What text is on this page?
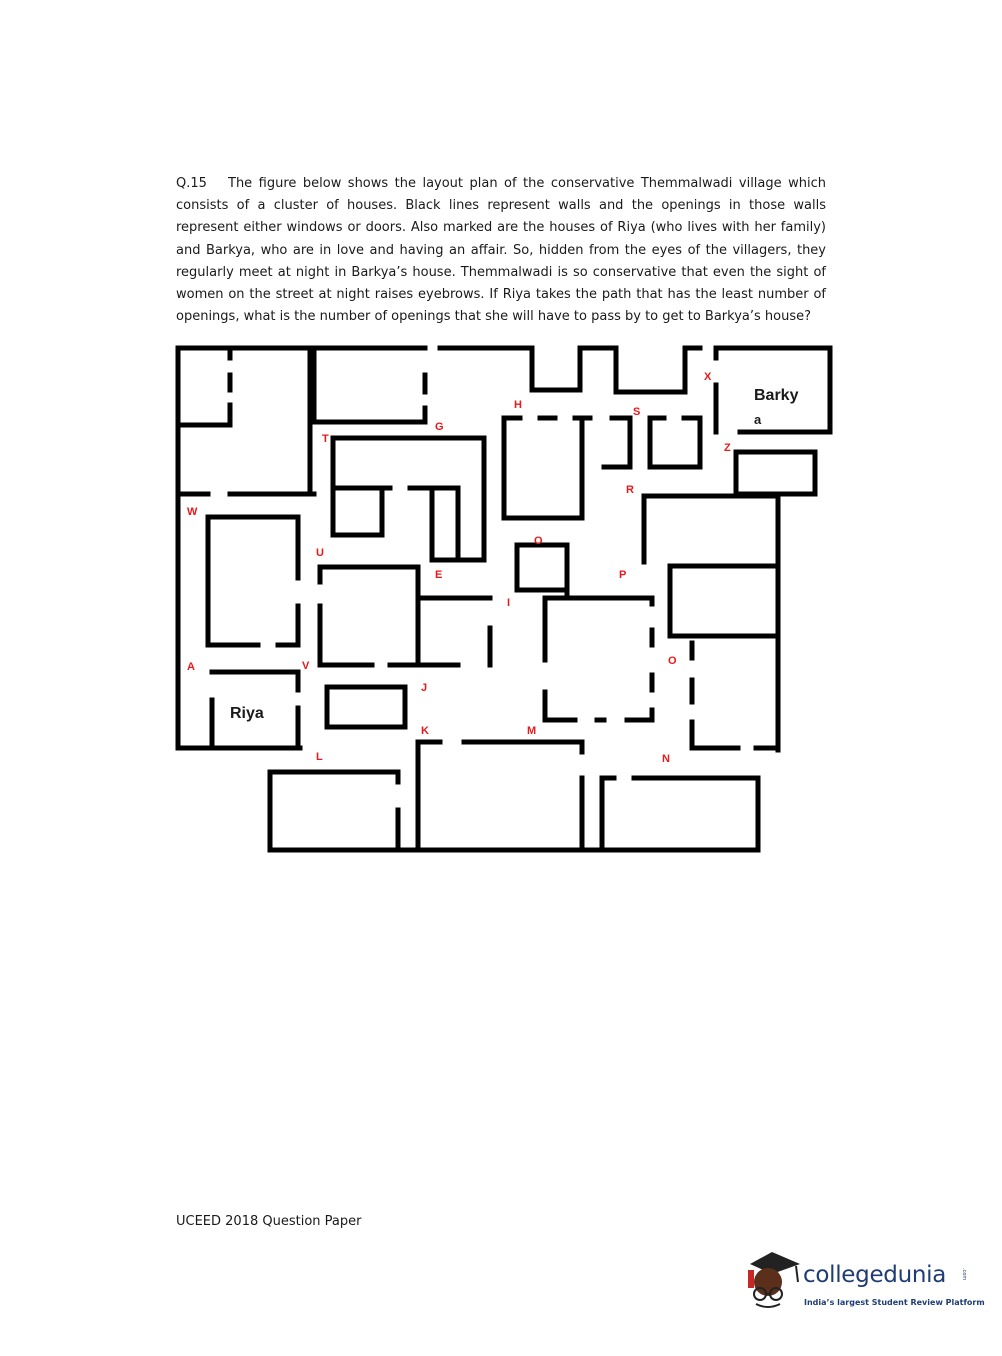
Q.15 The figure below shows the layout plan of the conservative Themmalwadi village which consists of a cluster of houses. Black lines represent walls and the openings in those walls represent either windows or doors. Also marked are the houses of Riya (who lives with her family) and Barkya, who are in love and having an affair. So, hidden from the eyes of the villagers, they regularly meet at night in Barkya’s house. Themmalwadi is so conservative that even the sight of women on the street at night raises eyebrows. If Riya takes the path that has the least number of openings, what is the number of openings that she will have to pass by to get to Barkya’s house?
X
H
S
G
T
Z
R
W
O
U
E	P
I
A	V	O
J
K	M
L	N
Riya
Barky
a
UCEED 2018 Question Paper
collegedunia	.com
India’s largest Student Review Platform
